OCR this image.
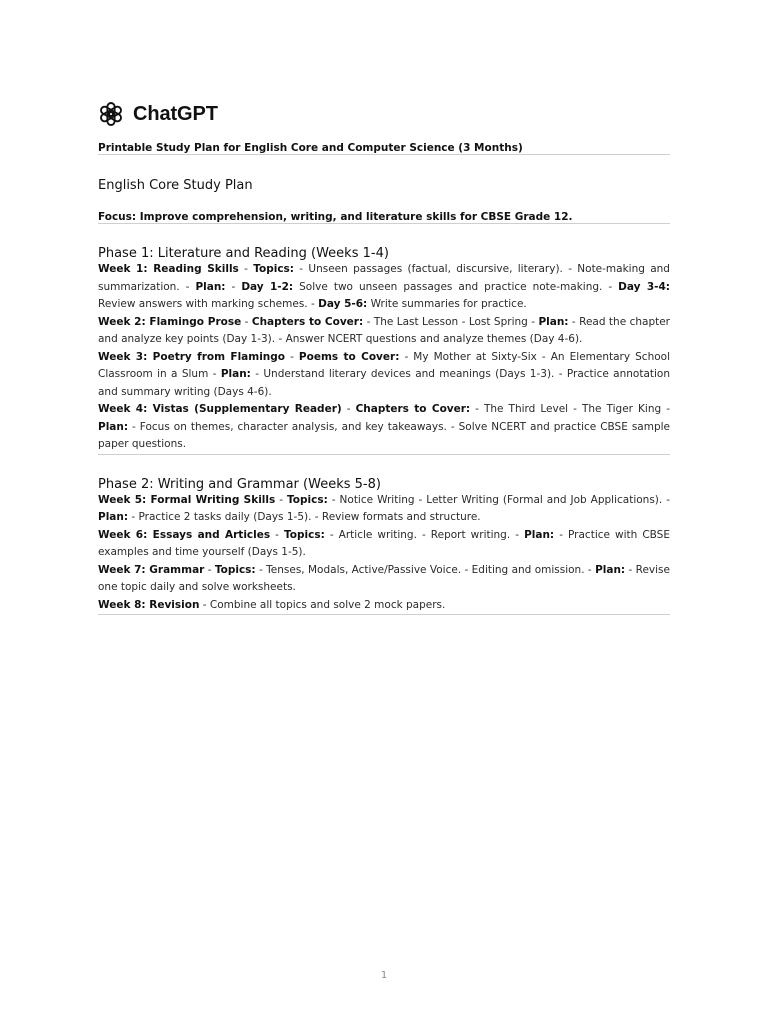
ChatGPT
Printable Study Plan for English Core and Computer Science (3 Months)
English Core Study Plan
Focus: Improve comprehension, writing, and literature skills for CBSE Grade 12.
Phase 1: Literature and Reading (Weeks 1-4)

Week 1: Reading Skills - Topics: - Unseen passages (factual, discursive, literary). - Note-making and summarization. - Plan: - Day 1-2: Solve two unseen passages and practice note-making. - Day 3-4: Review answers with marking schemes. - Day 5-6: Write summaries for practice.

Week 2: Flamingo Prose - Chapters to Cover: - The Last Lesson - Lost Spring - Plan: - Read the chapter and analyze key points (Day 1-3). - Answer NCERT questions and analyze themes (Day 4-6).

Week 3: Poetry from Flamingo - Poems to Cover: - My Mother at Sixty-Six - An Elementary School Classroom in a Slum - Plan: - Understand literary devices and meanings (Days 1-3). - Practice annotation and summary writing (Days 4-6).

Week 4: Vistas (Supplementary Reader) - Chapters to Cover: - The Third Level - The Tiger King - Plan: - Focus on themes, character analysis, and key takeaways. - Solve NCERT and practice CBSE sample paper questions.

Phase 2: Writing and Grammar (Weeks 5-8)

Week 5: Formal Writing Skills - Topics: - Notice Writing - Letter Writing (Formal and Job Applications). - Plan: - Practice 2 tasks daily (Days 1-5). - Review formats and structure.

Week 6: Essays and Articles - Topics: - Article writing. - Report writing. - Plan: - Practice with CBSE examples and time yourself (Days 1-5).

Week 7: Grammar - Topics: - Tenses, Modals, Active/Passive Voice. - Editing and omission. - Plan: - Revise one topic daily and solve worksheets.

Week 8: Revision - Combine all topics and solve 2 mock papers.

1
